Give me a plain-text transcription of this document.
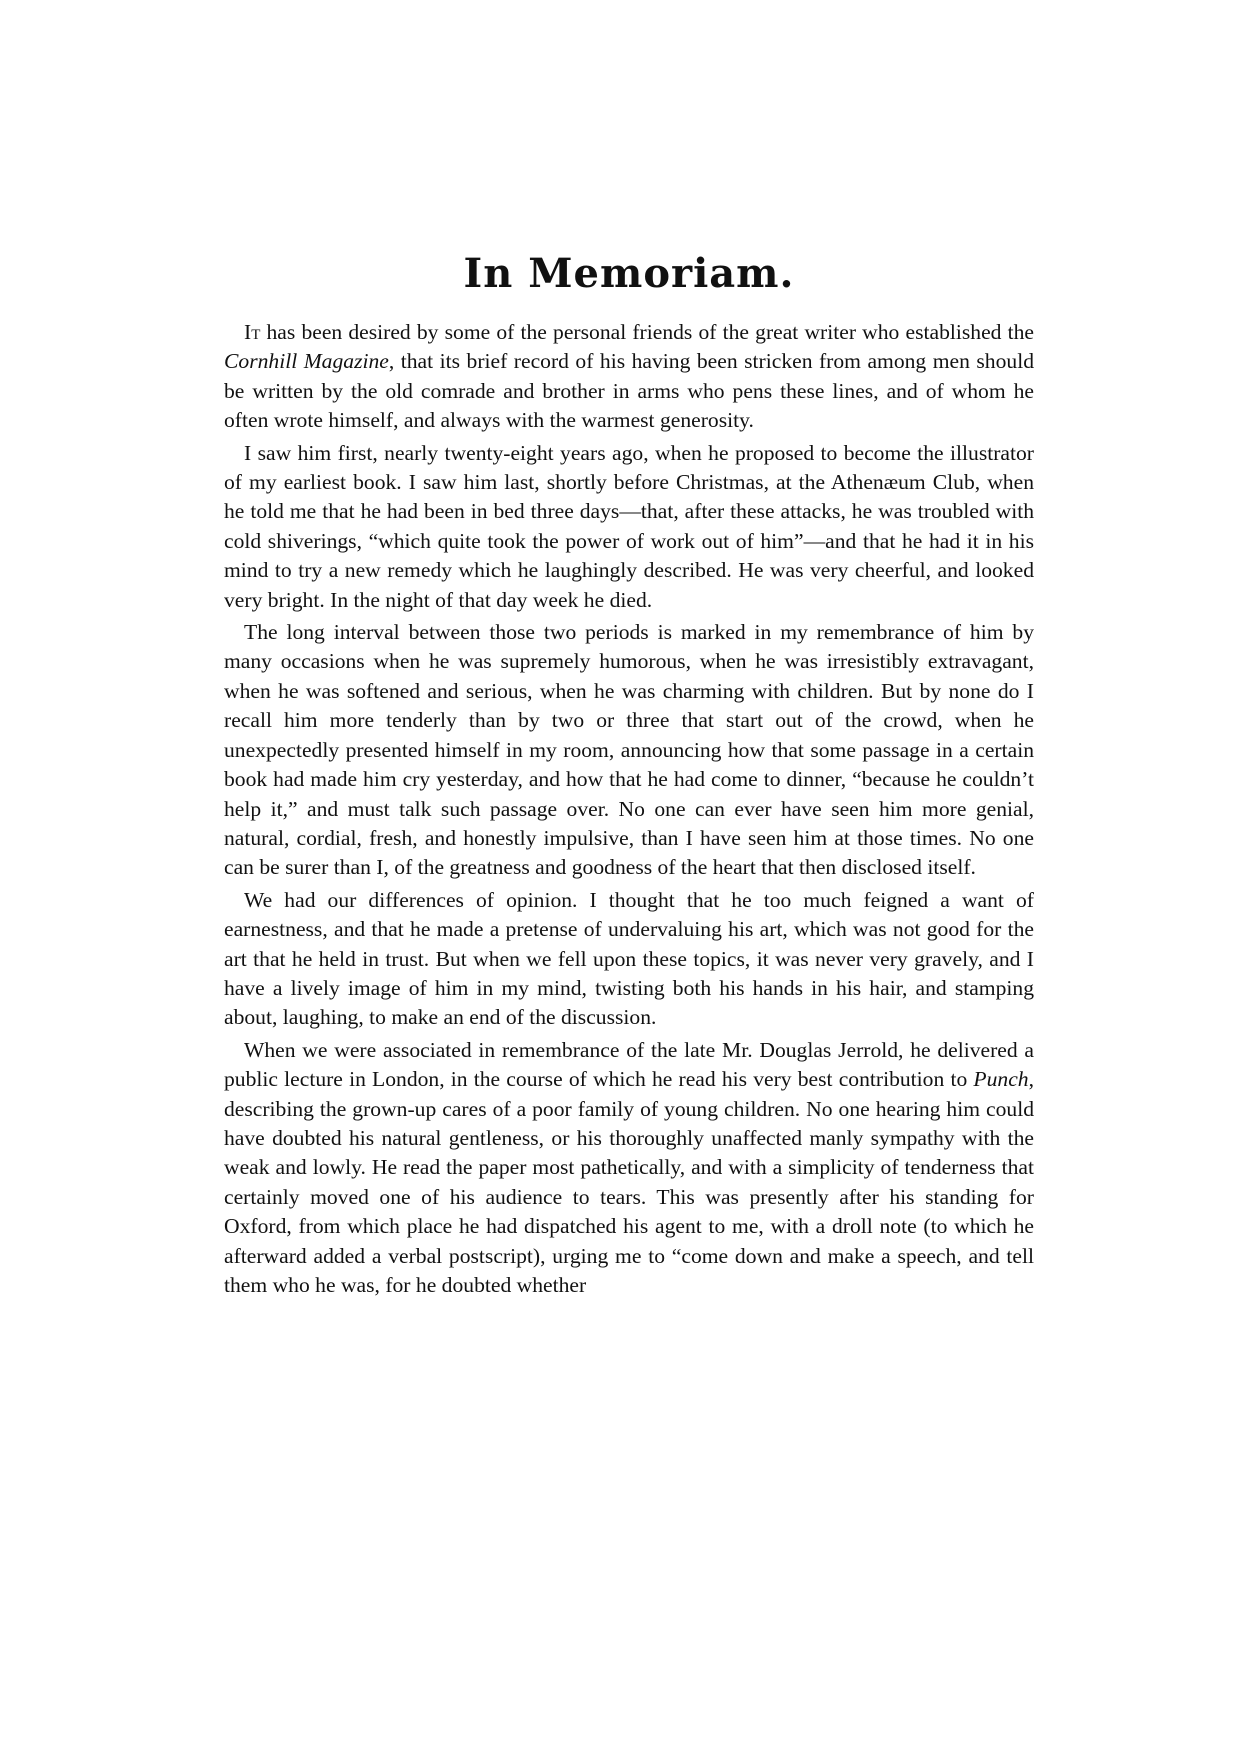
In Memoriam.

It has been desired by some of the personal friends of the great writer who established the Cornhill Magazine, that its brief record of his having been stricken from among men should be written by the old comrade and brother in arms who pens these lines, and of whom he often wrote himself, and always with the warmest generosity.

I saw him first, nearly twenty-eight years ago, when he proposed to become the illustrator of my earliest book. I saw him last, shortly before Christmas, at the Athenæum Club, when he told me that he had been in bed three days—that, after these attacks, he was troubled with cold shiverings, “which quite took the power of work out of him”—and that he had it in his mind to try a new remedy which he laughingly described. He was very cheerful, and looked very bright. In the night of that day week he died.

The long interval between those two periods is marked in my remembrance of him by many occasions when he was supremely humorous, when he was irresistibly extravagant, when he was softened and serious, when he was charming with children. But by none do I recall him more tenderly than by two or three that start out of the crowd, when he unexpectedly presented himself in my room, announcing how that some passage in a certain book had made him cry yesterday, and how that he had come to dinner, “because he couldn’t help it,” and must talk such passage over. No one can ever have seen him more genial, natural, cordial, fresh, and honestly impulsive, than I have seen him at those times. No one can be surer than I, of the greatness and goodness of the heart that then disclosed itself.

We had our differences of opinion. I thought that he too much feigned a want of earnestness, and that he made a pretense of undervaluing his art, which was not good for the art that he held in trust. But when we fell upon these topics, it was never very gravely, and I have a lively image of him in my mind, twisting both his hands in his hair, and stamping about, laughing, to make an end of the discussion.

When we were associated in remembrance of the late Mr. Douglas Jerrold, he delivered a public lecture in London, in the course of which he read his very best contribution to Punch, describing the grown-up cares of a poor family of young children. No one hearing him could have doubted his natural gentleness, or his thoroughly unaffected manly sympathy with the weak and lowly. He read the paper most pathetically, and with a simplicity of tenderness that certainly moved one of his audience to tears. This was presently after his standing for Oxford, from which place he had dispatched his agent to me, with a droll note (to which he afterward added a verbal postscript), urging me to “come down and make a speech, and tell them who he was, for he doubted whether
